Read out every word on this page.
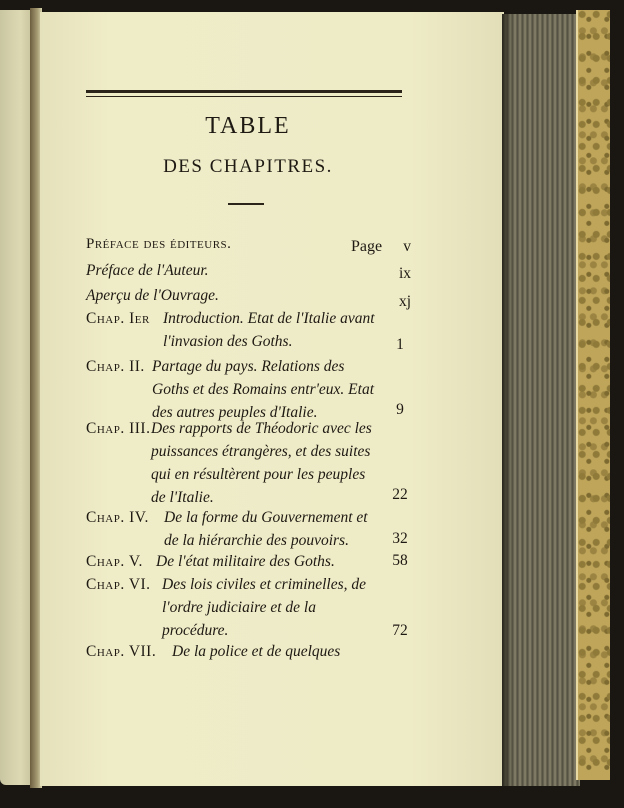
TABLE
DES CHAPITRES.
Préface des éditeurs.	Page v
Préface de l'Auteur.	ix
Aperçu de l'Ouvrage.	xj
Chap. Ier Introduction. Etat de l'Italie avant l'invasion des Goths.	1
Chap. II. Partage du pays. Relations des Goths et des Romains entr'eux. Etat des autres peuples d'Italie.	9
Chap. III. Des rapports de Théodoric avec les puissances étrangères, et des suites qui en résultèrent pour les peuples de l'Italie.	22
Chap. IV. De la forme du Gouvernement et de la hiérarchie des pouvoirs.	32
Chap. V. De l'état militaire des Goths.	58
Chap. VI. Des lois civiles et criminelles, de l'ordre judiciaire et de la procédure.	72
Chap. VII. De la police et de quelques
